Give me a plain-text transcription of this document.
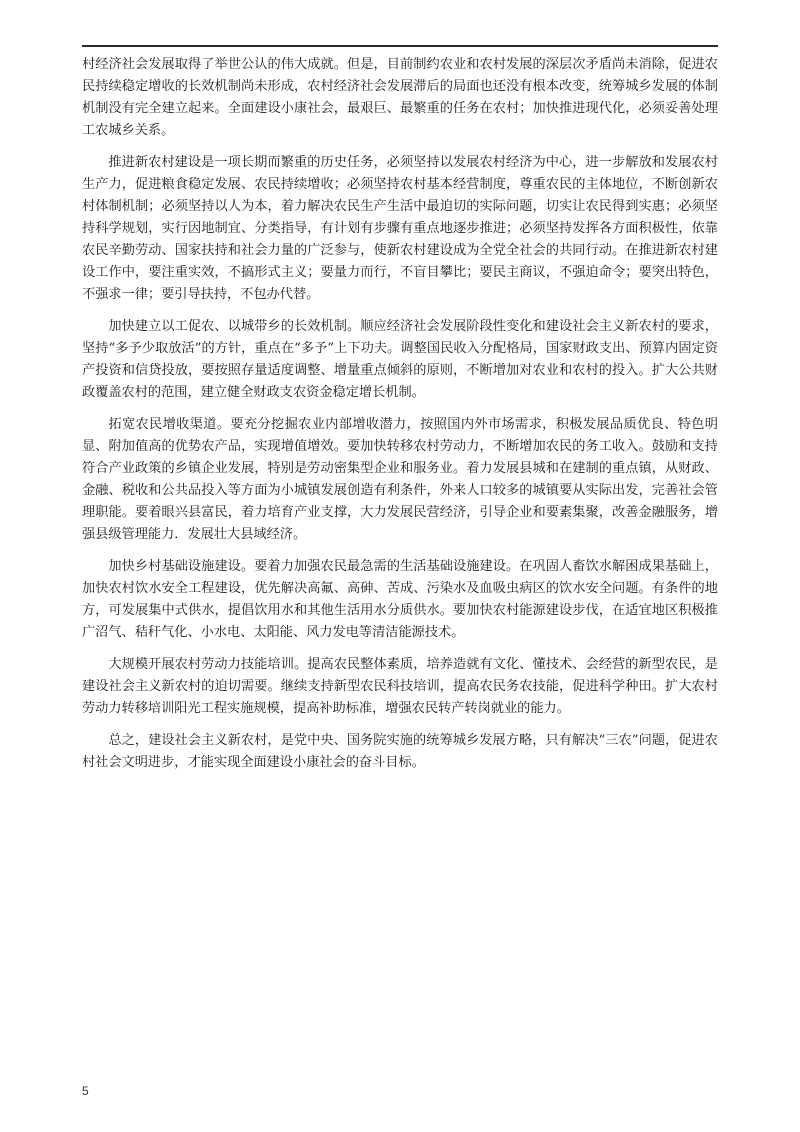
村经济社会发展取得了举世公认的伟大成就。但是，目前制约农业和农村发展的深层次矛盾尚未消除，促进农民持续稳定增收的长效机制尚未形成，农村经济社会发展滞后的局面也还没有根本改变，统筹城乡发展的体制机制没有完全建立起来。全面建设小康社会，最艰巨、最繁重的任务在农村；加快推进现代化，必须妥善处理工农城乡关系。

推进新农村建设是一项长期而繁重的历史任务，必须坚持以发展农村经济为中心，进一步解放和发展农村生产力，促进粮食稳定发展、农民持续增收；必须坚持农村基本经营制度，尊重农民的主体地位，不断创新农村体制机制；必须坚持以人为本，着力解决农民生产生活中最迫切的实际问题，切实让农民得到实惠；必须坚持科学规划，实行因地制宜、分类指导，有计划有步骤有重点地逐步推进；必须坚持发挥各方面积极性，依靠农民辛勤劳动、国家扶持和社会力量的广泛参与，使新农村建设成为全党全社会的共同行动。在推进新农村建设工作中，要注重实效，不搞形式主义；要量力而行，不盲目攀比；要民主商议，不强迫命令；要突出特色，不强求一律；要引导扶持，不包办代替。

加快建立以工促农、以城带乡的长效机制。顺应经济社会发展阶段性变化和建设社会主义新农村的要求，坚持“多予少取放活”的方针，重点在“多予”上下功夫。调整国民收入分配格局，国家财政支出、预算内固定资产投资和信贷投放，要按照存量适度调整、增量重点倾斜的原则，不断增加对农业和农村的投入。扩大公共财政覆盖农村的范围，建立健全财政支农资金稳定增长机制。

拓宽农民增收渠道。要充分挖掘农业内部增收潜力，按照国内外市场需求，积极发展品质优良、特色明显、附加值高的优势农产品，实现增值增效。要加快转移农村劳动力，不断增加农民的务工收入。鼓励和支持符合产业政策的乡镇企业发展，特别是劳动密集型企业和服务业。着力发展县城和在建制的重点镇，从财政、金融、税收和公共品投入等方面为小城镇发展创造有利条件，外来人口较多的城镇要从实际出发，完善社会管理职能。要着眼兴县富民，着力培育产业支撑，大力发展民营经济，引导企业和要素集聚，改善金融服务，增强县级管理能力．发展壮大县域经济。

加快乡村基础设施建设。要着力加强农民最急需的生活基础设施建设。在巩固人畜饮水解困成果基础上，加快农村饮水安全工程建设，优先解决高氟、高砷、苦成、污染水及血吸虫病区的饮水安全问题。有条件的地方，可发展集中式供水，提倡饮用水和其他生活用水分质供水。要加快农村能源建设步伐，在适宜地区积极推广沼气、秸秆气化、小水电、太阳能、风力发电等清洁能源技术。

大规模开展农村劳动力技能培训。提高农民整体素质，培养造就有文化、懂技术、会经营的新型农民，是建设社会主义新农村的迫切需要。继续支持新型农民科技培训，提高农民务农技能，促进科学种田。扩大农村劳动力转移培训阳光工程实施规模，提高补助标准，增强农民转产转岗就业的能力。

总之，建设社会主义新农村，是党中央、国务院实施的统筹城乡发展方略，只有解决“三农”问题，促进农村社会文明进步，才能实现全面建设小康社会的奋斗目标。

5
